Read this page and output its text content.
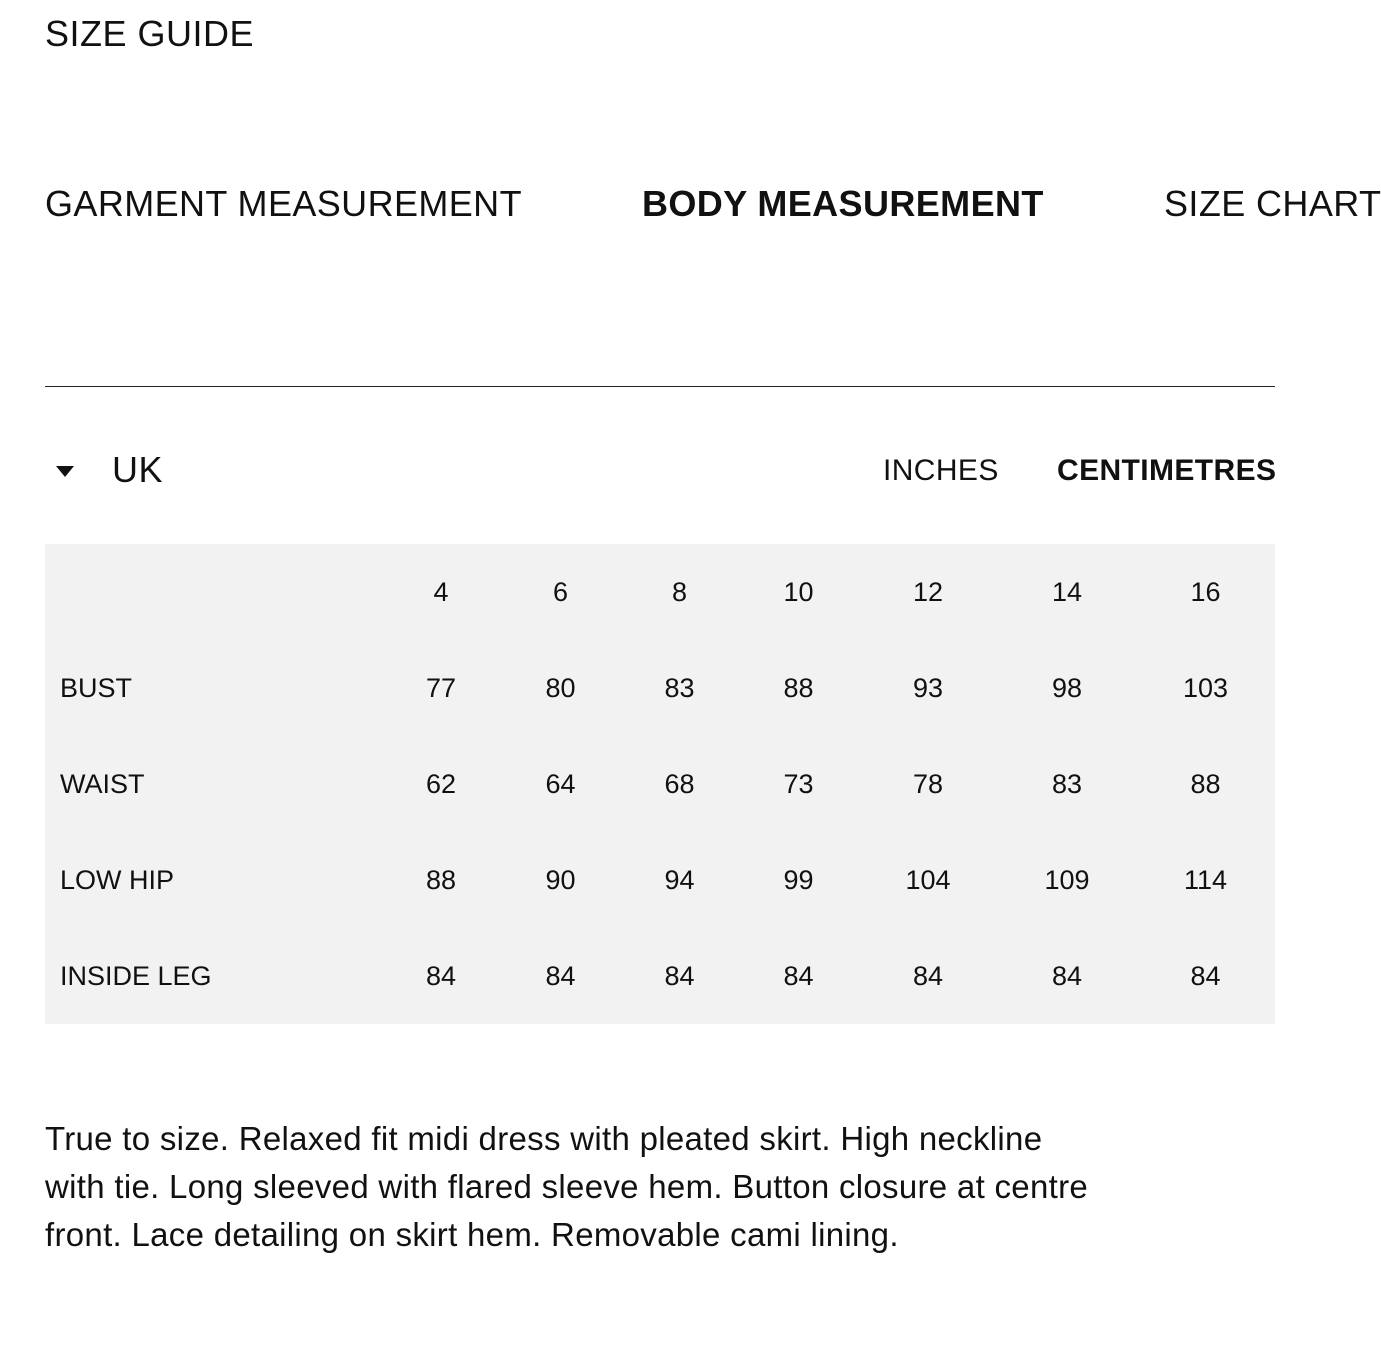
SIZE GUIDE
GARMENT MEASUREMENT	BODY MEASUREMENT	SIZE CHART
UK	INCHES CENTIMETRES
	4	6	8	10	12	14	16
BUST	77	80	83	88	93	98	103
WAIST	62	64	68	73	78	83	88
LOW HIP	88	90	94	99	104	109	114
INSIDE LEG	84	84	84	84	84	84	84

True to size. Relaxed fit midi dress with pleated skirt. High neckline with tie. Long sleeved with flared sleeve hem. Button closure at centre front. Lace detailing on skirt hem. Removable cami lining.
